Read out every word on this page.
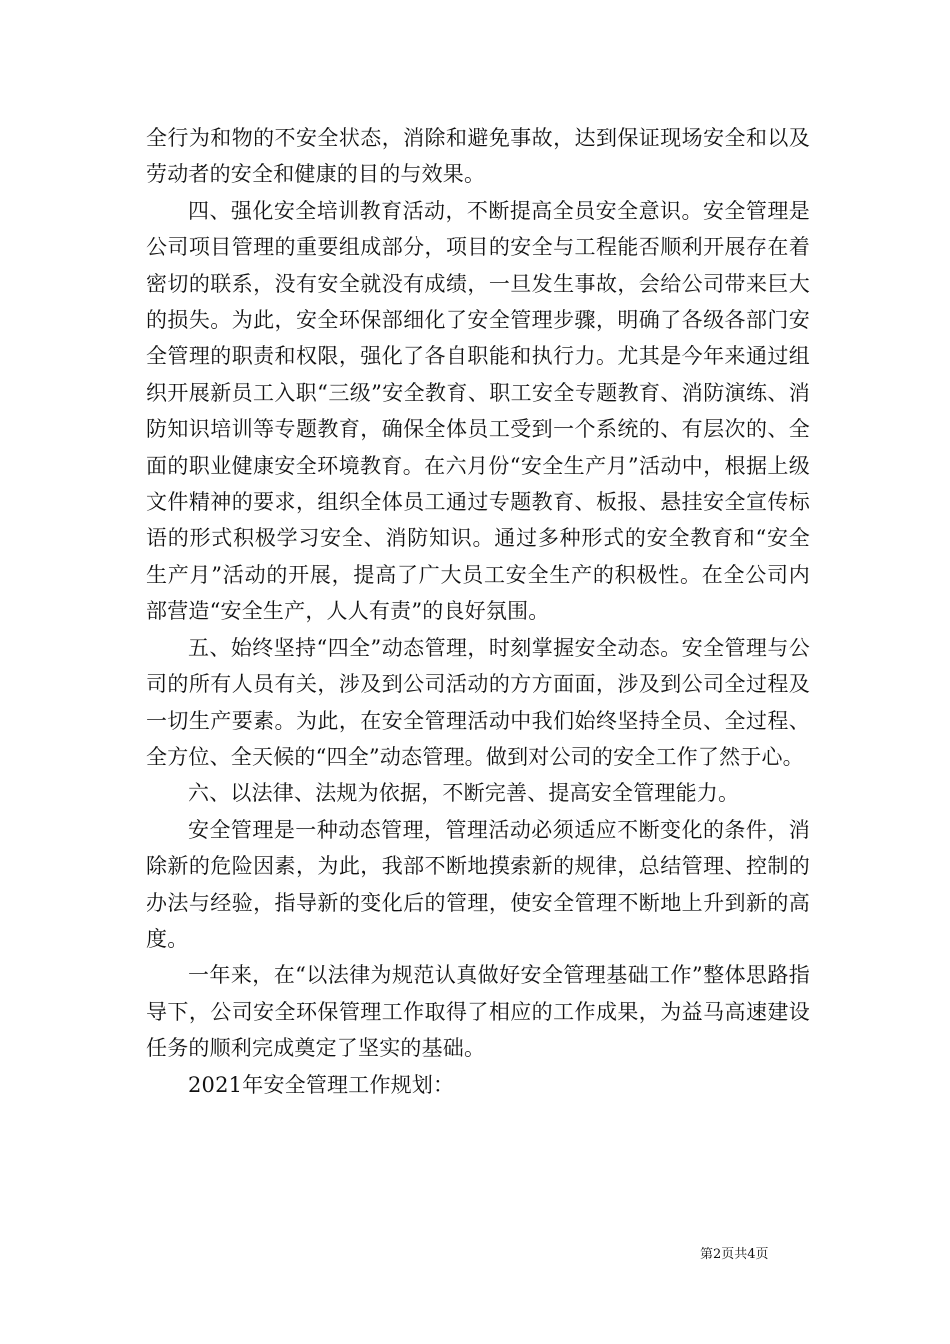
全行为和物的不安全状态，消除和避免事故，达到保证现场安全和以及劳动者的安全和健康的目的与效果。

四、强化安全培训教育活动，不断提高全员安全意识。安全管理是公司项目管理的重要组成部分，项目的安全与工程能否顺利开展存在着密切的联系，没有安全就没有成绩，一旦发生事故，会给公司带来巨大的损失。为此，安全环保部细化了安全管理步骤，明确了各级各部门安全管理的职责和权限，强化了各自职能和执行力。尤其是今年来通过组织开展新员工入职“三级”安全教育、职工安全专题教育、消防演练、消防知识培训等专题教育，确保全体员工受到一个系统的、有层次的、全面的职业健康安全环境教育。在六月份“安全生产月”活动中，根据上级文件精神的要求，组织全体员工通过专题教育、板报、悬挂安全宣传标语的形式积极学习安全、消防知识。通过多种形式的安全教育和“安全生产月”活动的开展，提高了广大员工安全生产的积极性。在全公司内部营造“安全生产，人人有责”的良好氛围。

五、始终坚持“四全”动态管理，时刻掌握安全动态。安全管理与公司的所有人员有关，涉及到公司活动的方方面面，涉及到公司全过程及一切生产要素。为此，在安全管理活动中我们始终坚持全员、全过程、全方位、全天候的“四全”动态管理。做到对公司的安全工作了然于心。

六、以法律、法规为依据，不断完善、提高安全管理能力。

安全管理是一种动态管理，管理活动必须适应不断变化的条件，消除新的危险因素，为此，我部不断地摸索新的规律，总结管理、控制的办法与经验，指导新的变化后的管理，使安全管理不断地上升到新的高度。

一年来，在“以法律为规范认真做好安全管理基础工作”整体思路指导下，公司安全环保管理工作取得了相应的工作成果，为益马高速建设任务的顺利完成奠定了坚实的基础。

2021年安全管理工作规划：

第2页共4页
